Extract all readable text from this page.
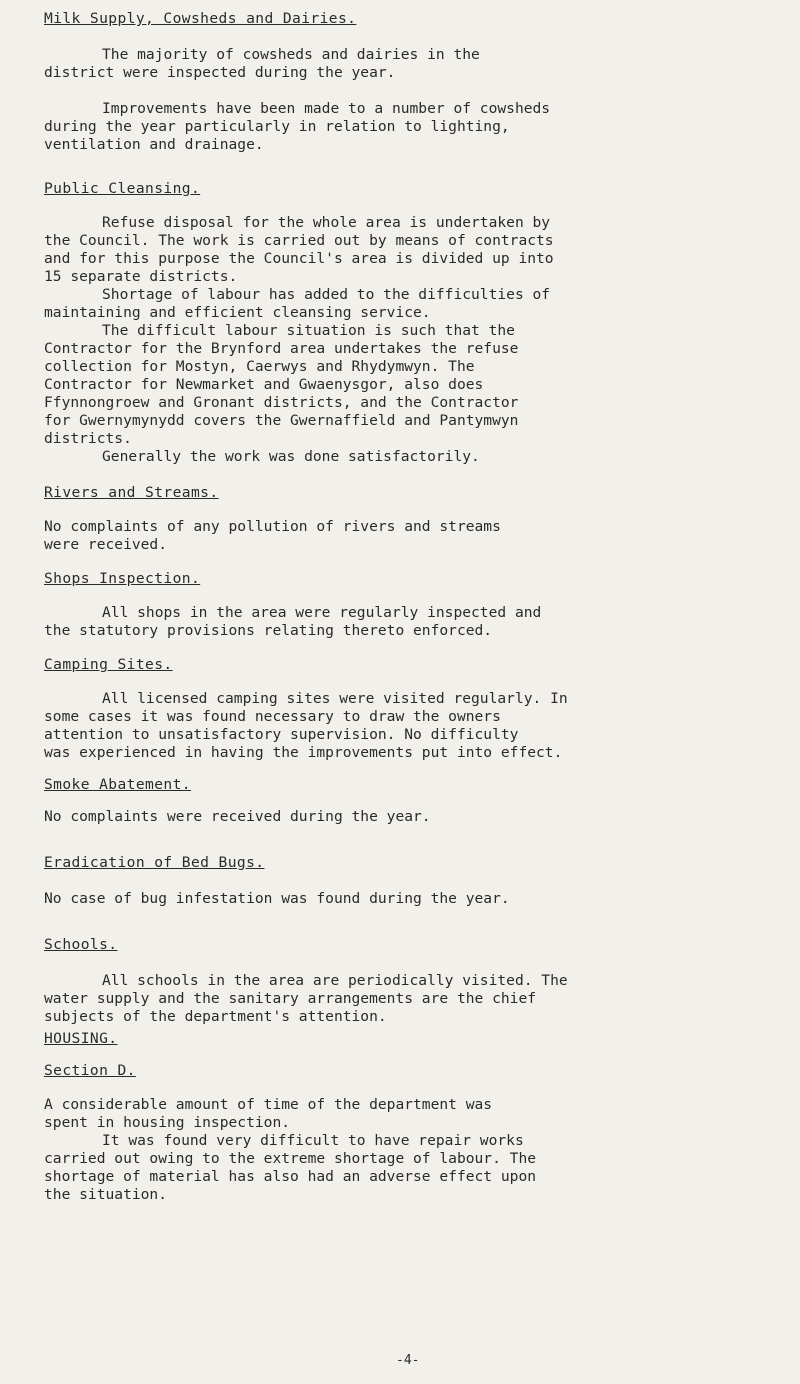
Milk Supply, Cowsheds and Dairies.
The majority of cowsheds and dairies in the
district were inspected during the year.
Improvements have been made to a number of cowsheds
during the year particularly in relation to lighting,
ventilation and drainage.
Public Cleansing.
Refuse disposal for the whole area is undertaken by
the Council. The work is carried out by means of contracts
and for this purpose the Council's area is divided up into
15 separate districts.
Shortage of labour has added to the difficulties of
maintaining and efficient cleansing service.
The difficult labour situation is such that the
Contractor for the Brynford area undertakes the refuse
collection for Mostyn, Caerwys and Rhydymwyn. The
Contractor for Newmarket and Gwaenysgor, also does
Ffynnongroew and Gronant districts, and the Contractor
for Gwernymynydd covers the Gwernaffield and Pantymwyn
districts.
Generally the work was done satisfactorily.
Rivers and Streams.
No complaints of any pollution of rivers and streams
were received.
Shops Inspection.
All shops in the area were regularly inspected and
the statutory provisions relating thereto enforced.
Camping Sites.
All licensed camping sites were visited regularly. In
some cases it was found necessary to draw the owners
attention to unsatisfactory supervision. No difficulty
was experienced in having the improvements put into effect.
Smoke Abatement.
No complaints were received during the year.
Eradication of Bed Bugs.
No case of bug infestation was found during the year.
Schools.
All schools in the area are periodically visited. The
water supply and the sanitary arrangements are the chief
subjects of the department's attention.
HOUSING.
Section D.
A considerable amount of time of the department was
spent in housing inspection.
It was found very difficult to have repair works
carried out owing to the extreme shortage of labour. The
shortage of material has also had an adverse effect upon
the situation.
-4-
